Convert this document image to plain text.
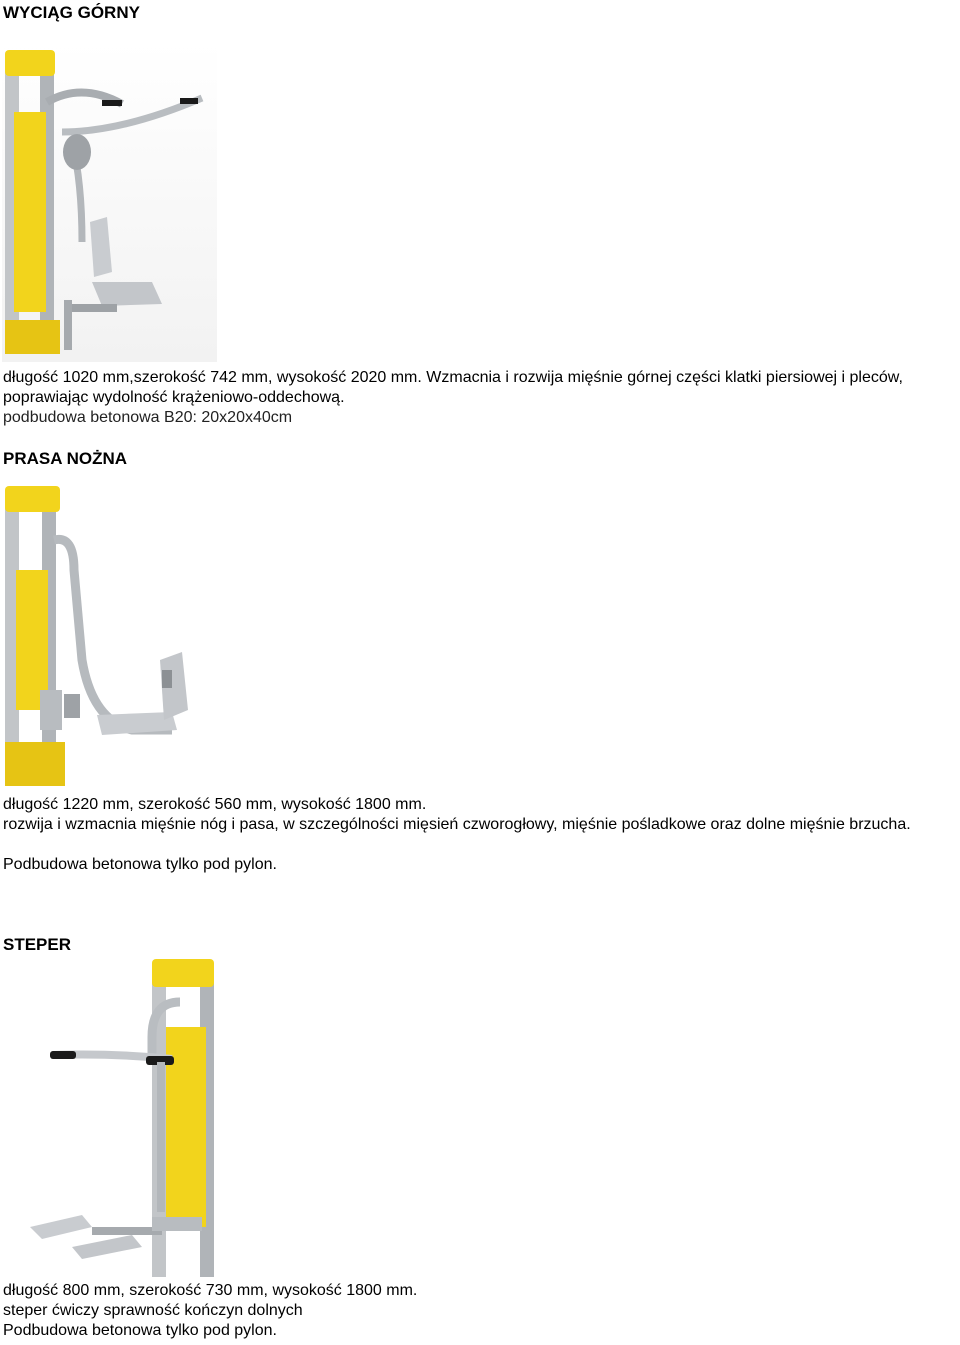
WYCIĄG GÓRNY
długość 1020 mm,szerokość 742 mm, wysokość 2020 mm. Wzmacnia i rozwija mięśnie górnej części klatki piersiowej i pleców, poprawiając wydolność krążeniowo-oddechową.
podbudowa betonowa B20: 20x20x40cm
PRASA NOŻNA
długość 1220 mm, szerokość 560 mm, wysokość 1800 mm.
rozwija i wzmacnia mięśnie nóg i pasa, w szczególności mięsień czworogłowy, mięśnie pośladkowe oraz dolne mięśnie brzucha.
Podbudowa betonowa tylko pod pylon.
STEPER
długość 800 mm, szerokość 730 mm, wysokość 1800 mm.
steper ćwiczy sprawność kończyn dolnych
Podbudowa betonowa tylko pod pylon.
